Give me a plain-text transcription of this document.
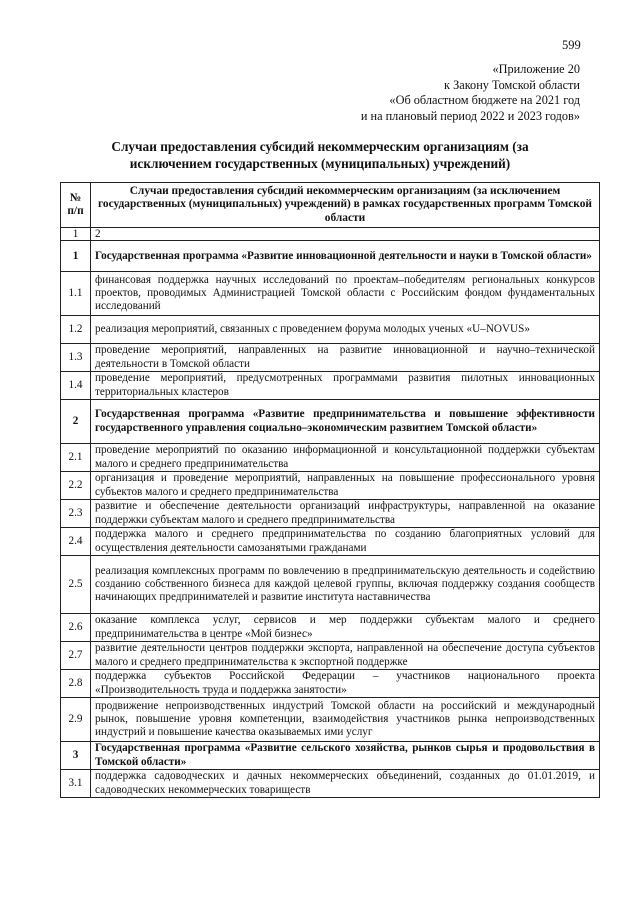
599
«Приложение 20
к Закону Томской области
«Об областном бюджете на 2021 год
и на плановый период 2022 и 2023 годов»
Случаи предоставления субсидий некоммерческим организациям (за
исключением государственных (муниципальных) учреждений)
№ п/п	Случаи предоставления субсидий некоммерческим организациям (за исключением государственных (муниципальных) учреждений) в рамках государственных программ Томской области
1	2
1	Государственная программа «Развитие инновационной деятельности и науки в Томской области»
1.1	финансовая поддержка научных исследований по проектам–победителям региональных конкурсов проектов, проводимых Администрацией Томской области с Российским фондом фундаментальных исследований
1.2	реализация мероприятий, связанных с проведением форума молодых ученых «U–NOVUS»
1.3	проведение мероприятий, направленных на развитие инновационной и научно–технической деятельности в Томской области
1.4	проведение мероприятий, предусмотренных программами развития пилотных инновационных территориальных кластеров
2	Государственная программа «Развитие предпринимательства и повышение эффективности государственного управления социально–экономическим развитием Томской области»
2.1	проведение мероприятий по оказанию информационной и консультационной поддержки субъектам малого и среднего предпринимательства
2.2	организация и проведение мероприятий, направленных на повышение профессионального уровня субъектов малого и среднего предпринимательства
2.3	развитие и обеспечение деятельности организаций инфраструктуры, направленной на оказание поддержки субъектам малого и среднего предпринимательства
2.4	поддержка малого и среднего предпринимательства по созданию благоприятных условий для осуществления деятельности самозанятыми гражданами
2.5	реализация комплексных программ по вовлечению в предпринимательскую деятельность и содействию созданию собственного бизнеса для каждой целевой группы, включая поддержку создания сообществ начинающих предпринимателей и развитие института наставничества
2.6	оказание комплекса услуг, сервисов и мер поддержки субъектам малого и среднего предпринимательства в центре «Мой бизнес»
2.7	развитие деятельности центров поддержки экспорта, направленной на обеспечение доступа субъектов малого и среднего предпринимательства к экспортной поддержке
2.8	поддержка субъектов Российской Федерации – участников национального проекта «Производительность труда и поддержка занятости»
2.9	продвижение непроизводственных индустрий Томской области на российский и международный рынок, повышение уровня компетенции, взаимодействия участников рынка непроизводственных индустрий и повышение качества оказываемых ими услуг
3	Государственная программа «Развитие сельского хозяйства, рынков сырья и продовольствия в Томской области»
3.1	поддержка садоводческих и дачных некоммерческих объединений, созданных до 01.01.2019, и садоводческих некоммерческих товариществ
